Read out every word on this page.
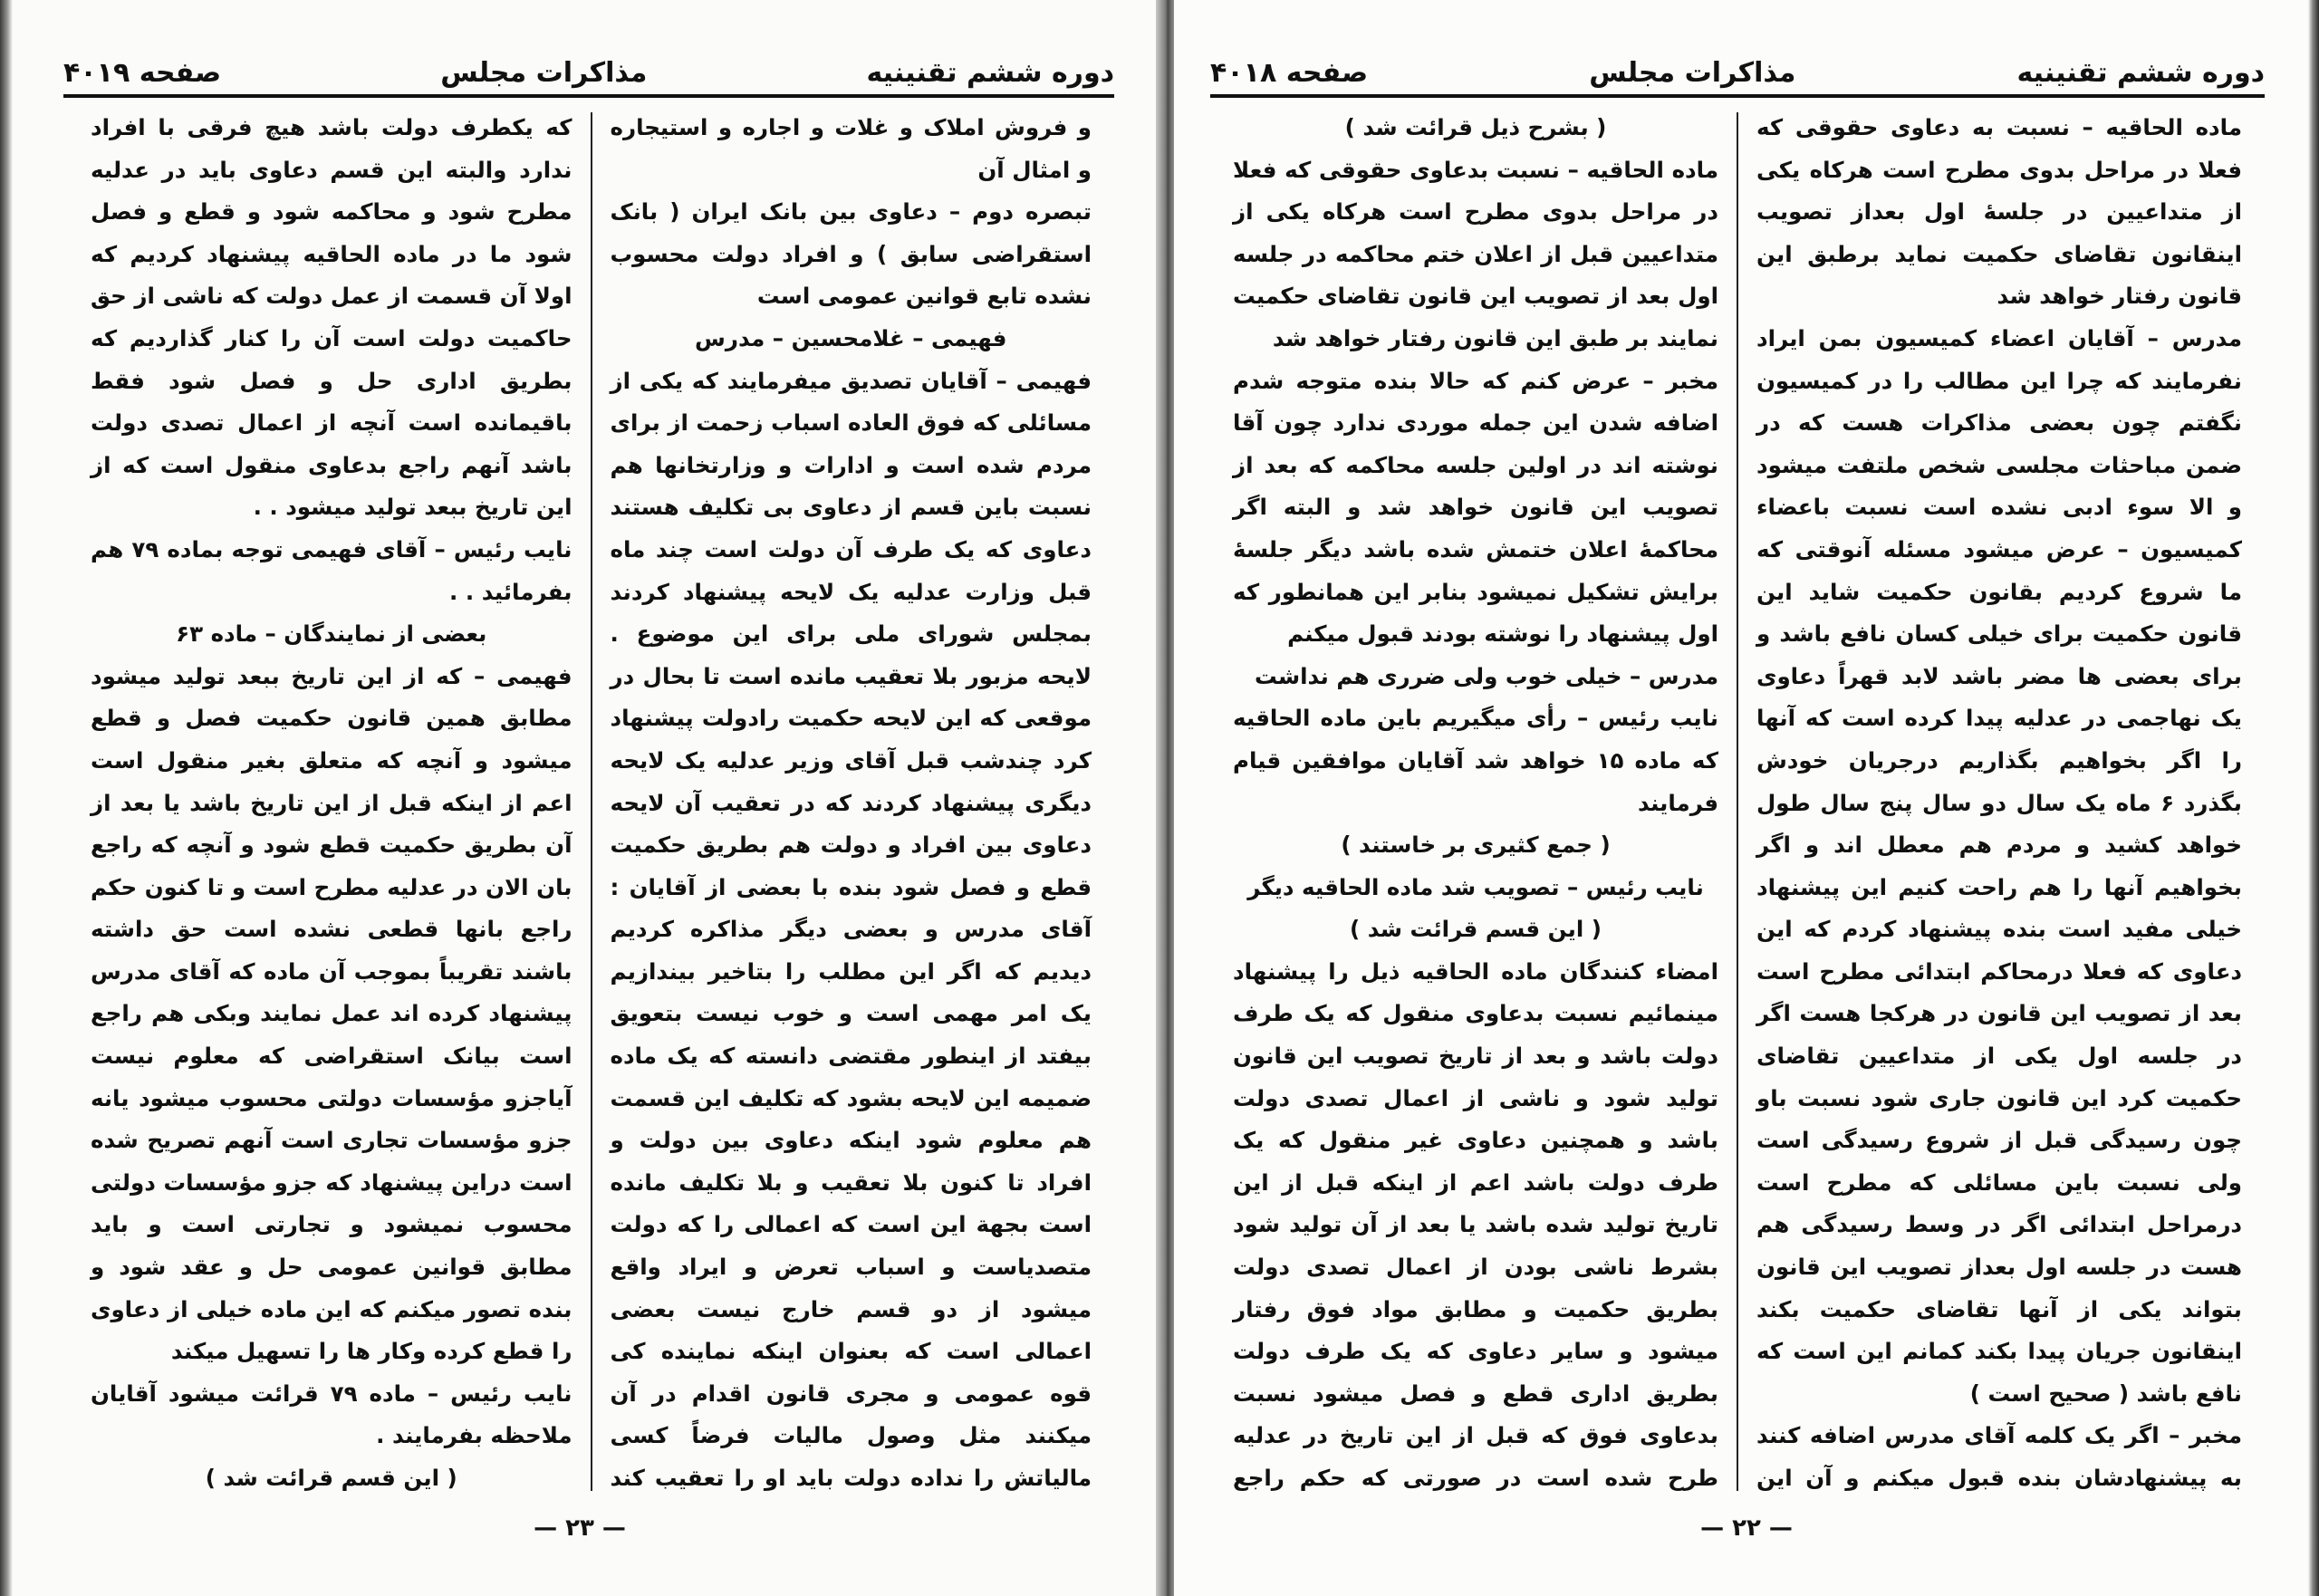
دوره ششم تقنینیه
مذاکرات مجلس
صفحه ۴۰۱۹

و فروش املاک و غلات و اجاره و استیجاره و امثال آن

تبصره دوم – دعاوی بین بانک ایران ( بانک استقراضی سابق ) و افراد دولت محسوب نشده تابع قوانین عمومی است

فهیمی – غلامحسین – مدرس

فهیمی – آقایان تصدیق میفرمایند که یکی از مسائلی که فوق العاده اسباب زحمت از برای مردم شده است و ادارات و وزارتخانها هم نسبت باین قسم از دعاوی بی تکلیف هستند دعاوی که یک طرف آن دولت است چند ماه قبل وزارت عدلیه یک لایحه پیشنهاد کردند بمجلس شورای ملی برای این موضوع . لایحه مزبور بلا تعقیب مانده است تا بحال در موقعی که این لایحه حکمیت رادولت پیشنهاد کرد چندشب قبل آقای وزیر عدلیه یک لایحه دیگری پیشنهاد کردند که در تعقیب آن لایحه دعاوی بین افراد و دولت هم بطریق حکمیت قطع و فصل شود بنده با بعضی از آقایان : آقای مدرس و بعضی دیگر مذاکره کردیم دیدیم که اگر این مطلب را بتاخیر بیندازیم یک امر مهمی است و خوب نیست بتعویق بیفتد از اینطور مقتضی دانسته که یک ماده ضمیمه این لایحه بشود که تکلیف این قسمت هم معلوم شود اینکه دعاوی بین دولت و افراد تا کنون بلا تعقیب و بلا تکلیف مانده است بجهة این است که اعمالی را که دولت متصدیاست و اسباب تعرض و ایراد واقع میشود از دو قسم خارج نیست بعضی اعمالی است که بعنوان اینکه نماینده کی قوه عمومی و مجری قانون اقدام در آن میکنند مثل وصول مالیات فرضاً کسی مالیاتش را نداده دولت باید او را تعقیب کند

که یکطرف دولت باشد هیچ فرقی با افراد ندارد والبته این قسم دعاوی باید در عدلیه مطرح شود و محاکمه شود و قطع و فصل شود ما در ماده الحاقیه پیشنهاد کردیم که اولا آن قسمت از عمل دولت که ناشی از حق حاکمیت دولت است آن را کنار گذاردیم که بطریق اداری حل و فصل شود فقط باقیمانده است آنچه از اعمال تصدی دولت باشد آنهم راجع بدعاوی منقول است که از این تاریخ ببعد تولید میشود . .

نایب رئیس – آقای فهیمی توجه بماده ۷۹ هم بفرمائید . .

بعضی از نمایندگان – ماده ۶۳

فهیمی – که از این تاریخ ببعد تولید میشود مطابق همین قانون حکمیت فصل و قطع میشود و آنچه که متعلق بغیر منقول است اعم از اینکه قبل از این تاریخ باشد یا بعد از آن بطریق حکمیت قطع شود و آنچه که راجع بان الان در عدلیه مطرح است و تا کنون حکم راجع بانها قطعی نشده است حق داشته باشند تقریباً بموجب آن ماده که آقای مدرس پیشنهاد کرده اند عمل نمایند وبکی هم راجع است بیانک استقراضی که معلوم نیست آیاجزو مؤسسات دولتی محسوب میشود یانه جزو مؤسسات تجاری است آنهم تصریح شده است دراین پیشنهاد که جزو مؤسسات دولتی محسوب نمیشود و تجارتی است و باید مطابق قوانین عمومی حل و عقد شود و بنده تصور میکنم که این ماده خیلی از دعاوی را قطع کرده وکار ها را تسهیل میکند

نایب رئیس – ماده ۷۹ قرائت میشود آقایان ملاحظه بفرمایند .

( این قسم قرائت شد )

— ۲۳ —
دوره ششم تقنینیه
مذاکرات مجلس
صفحه ۴۰۱۸

ماده الحاقیه – نسبت به دعاوی حقوقی که فعلا در مراحل بدوی مطرح است هرکاه یکی از متداعیین در جلسهٔ اول بعداز تصویب اینقانون تقاضای حکمیت نماید برطبق این قانون رفتار خواهد شد

مدرس – آقایان اعضاء کمیسیون بمن ایراد نفرمایند که چرا این مطالب را در کمیسیون نگفتم چون بعضی مذاکرات هست که در ضمن مباحثات مجلسی شخص ملتفت میشود و الا سوء ادبی نشده است نسبت باعضاء کمیسیون – عرض میشود مسئله آنوقتی که ما شروع کردیم بقانون حکمیت شاید این قانون حکمیت برای خیلی کسان نافع باشد و برای بعضی ها مضر باشد لابد قهراً دعاوی یک نهاجمی در عدلیه پیدا کرده است که آنها را اگر بخواهیم بگذاریم درجریان خودش بگذرد ۶ ماه یک سال دو سال پنج سال طول خواهد کشید و مردم هم معطل اند و اگر بخواهیم آنها را هم راحت کنیم این پیشنهاد خیلی مفید است بنده پیشنهاد کردم که این دعاوی که فعلا درمحاکم ابتدائی مطرح است بعد از تصویب این قانون در هرکجا هست اگر در جلسه اول یکی از متداعیین تقاضای حکمیت کرد این قانون جاری شود نسبت باو چون رسیدگی قبل از شروع رسیدگی است ولی نسبت باین مسائلی که مطرح است درمراحل ابتدائی اگر در وسط رسیدگی هم هست در جلسه اول بعداز تصویب این قانون بتواند یکی از آنها تقاضای حکمیت بکند اینقانون جریان پیدا بکند کمانم این است که نافع باشد ( صحیح است )

مخبر – اگر یک کلمه آقای مدرس اضافه کنند به پیشنهادشان بنده قبول میکنم و آن این

( بشرح ذیل قرائت شد )

ماده الحاقیه – نسبت بدعاوی حقوقی که فعلا در مراحل بدوی مطرح است هرکاه یکی از متداعیین قبل از اعلان ختم محاکمه در جلسه اول بعد از تصویب این قانون تقاضای حکمیت نمایند بر طبق این قانون رفتار خواهد شد

مخبر – عرض کنم که حالا بنده متوجه شدم اضافه شدن این جمله موردی ندارد چون آقا نوشته اند در اولین جلسه محاکمه که بعد از تصویب این قانون خواهد شد و البته اگر محاکمهٔ اعلان ختمش شده باشد دیگر جلسهٔ برایش تشکیل نمیشود بنابر این همانطور که اول پیشنهاد را نوشته بودند قبول میکنم

مدرس – خیلی خوب ولی ضرری هم نداشت

نایب رئیس – رأی میگیریم باین ماده الحاقیه که ماده ۱۵ خواهد شد آقایان موافقین قیام فرمایند

( جمع کثیری بر خاستند )

نایب رئیس – تصویب شد ماده الحاقیه دیگر

( این قسم قرائت شد )

امضاء کنندگان ماده الحاقیه ذیل را پیشنهاد مینمائیم نسبت بدعاوی منقول که یک طرف دولت باشد و بعد از تاریخ تصویب این قانون تولید شود و ناشی از اعمال تصدی دولت باشد و همچنین دعاوی غیر منقول که یک طرف دولت باشد اعم از اینکه قبل از این تاریخ تولید شده باشد یا بعد از آن تولید شود بشرط ناشی بودن از اعمال تصدی دولت بطریق حکمیت و مطابق مواد فوق رفتار میشود و سایر دعاوی که یک طرف دولت بطریق اداری قطع و فصل میشود نسبت بدعاوی فوق که قبل از این تاریخ در عدلیه طرح شده است در صورتی که حکم راجع

— ۲۲ —
